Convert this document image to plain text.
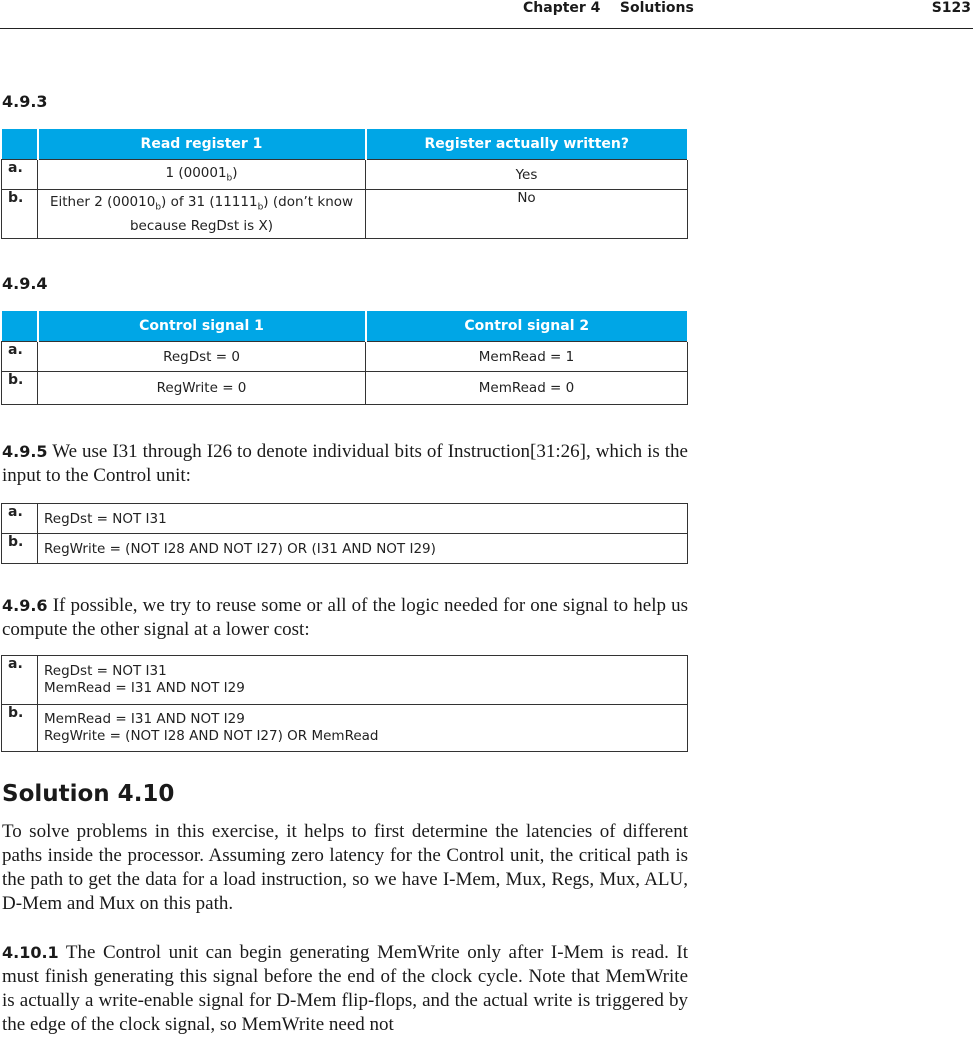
Chapter 4    Solutions	S123
4.9.3
	Read register 1	Register actually written?
a.	1 $(00001_b)$	Yes
b.	Either 2 $(00010_b)$ of 31 $(11111_b)$ (don’t know because RegDst is X)	No
4.9.4
	Control signal 1	Control signal 2
a.	RegDst = 0	MemRead = 1
b.	RegWrite = 0	MemRead = 0
4.9.5 We use I31 through I26 to denote individual bits of Instruction[31:26], which is the input to the Control unit:
a.	RegDst = NOT I31
b.	RegWrite = (NOT I28 AND NOT I27) OR (I31 AND NOT I29)
4.9.6 If possible, we try to reuse some or all of the logic needed for one signal to help us compute the other signal at a lower cost:
a.	RegDst = NOT I31
MemRead = I31 AND NOT I29

b.	MemRead = I31 AND NOT I29
RegWrite = (NOT I28 AND NOT I27) OR MemRead
Solution 4.10
To solve problems in this exercise, it helps to first determine the latencies of different paths inside the processor. Assuming zero latency for the Control unit, the critical path is the path to get the data for a load instruction, so we have I-Mem, Mux, Regs, Mux, ALU, D-Mem and Mux on this path.
4.10.1 The Control unit can begin generating MemWrite only after I-Mem is read. It must finish generating this signal before the end of the clock cycle. Note that MemWrite is actually a write-enable signal for D-Mem flip-flops, and the actual write is triggered by the edge of the clock signal, so MemWrite need not
